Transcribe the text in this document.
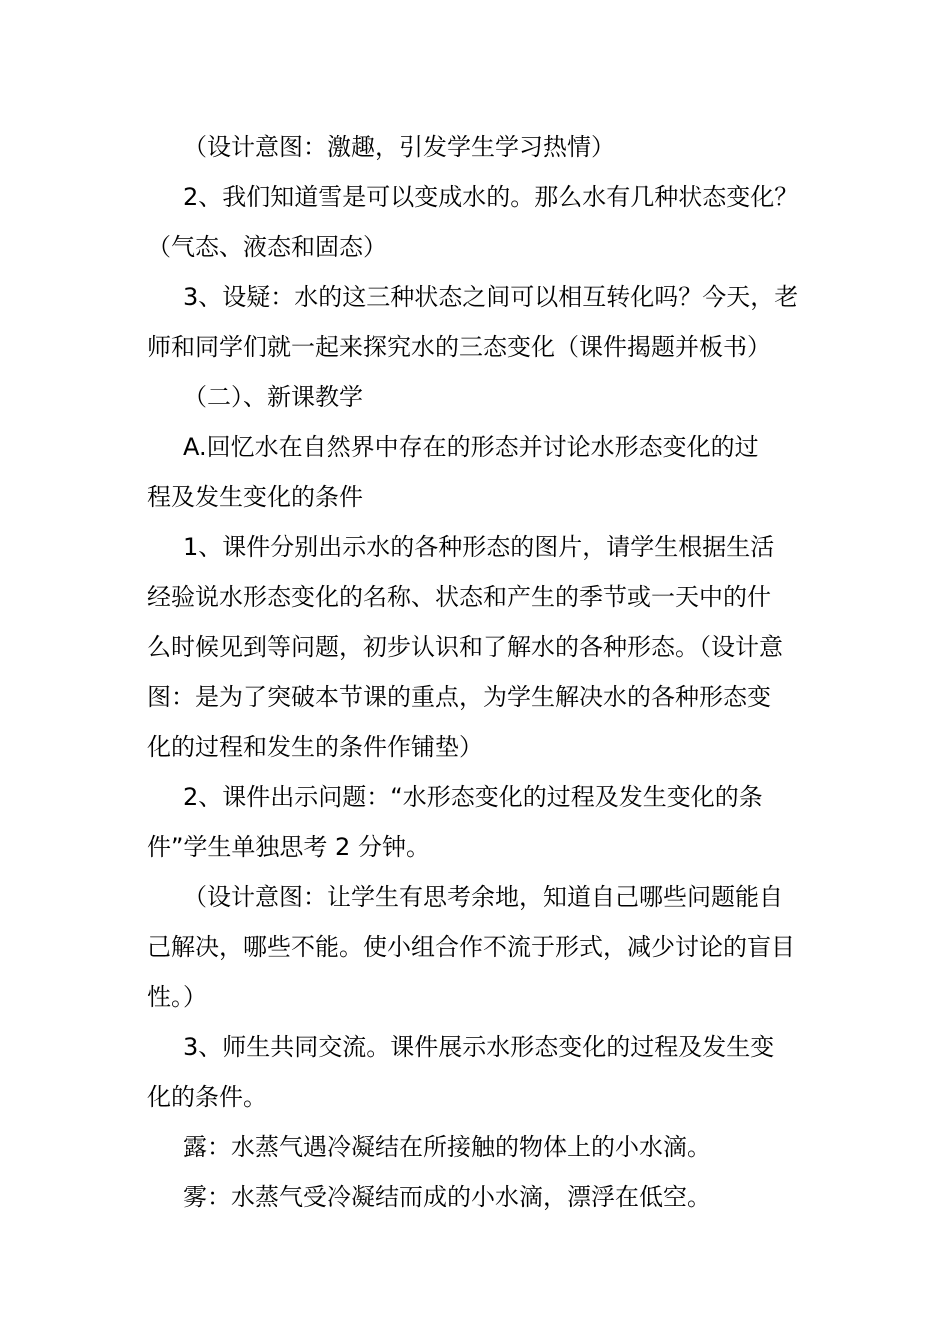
（设计意图：激趣，引发学生学习热情）
2、我们知道雪是可以变成水的。那么水有几种状态变化？
（气态、液态和固态）
3、设疑：水的这三种状态之间可以相互转化吗？今天，老
师和同学们就一起来探究水的三态变化（课件揭题并板书）
（二）、新课教学
A.回忆水在自然界中存在的形态并讨论水形态变化的过
程及发生变化的条件
1、课件分别出示水的各种形态的图片，请学生根据生活
经验说水形态变化的名称、状态和产生的季节或一天中的什
么时候见到等问题，初步认识和了解水的各种形态。（设计意
图：是为了突破本节课的重点，为学生解决水的各种形态变
化的过程和发生的条件作铺垫）
2、课件出示问题：“水形态变化的过程及发生变化的条
件”学生单独思考 2 分钟。
（设计意图：让学生有思考余地，知道自己哪些问题能自
己解决，哪些不能。使小组合作不流于形式，减少讨论的盲目
性。）
3、师生共同交流。课件展示水形态变化的过程及发生变
化的条件。
露：水蒸气遇冷凝结在所接触的物体上的小水滴。
雾：水蒸气受冷凝结而成的小水滴，漂浮在低空。
